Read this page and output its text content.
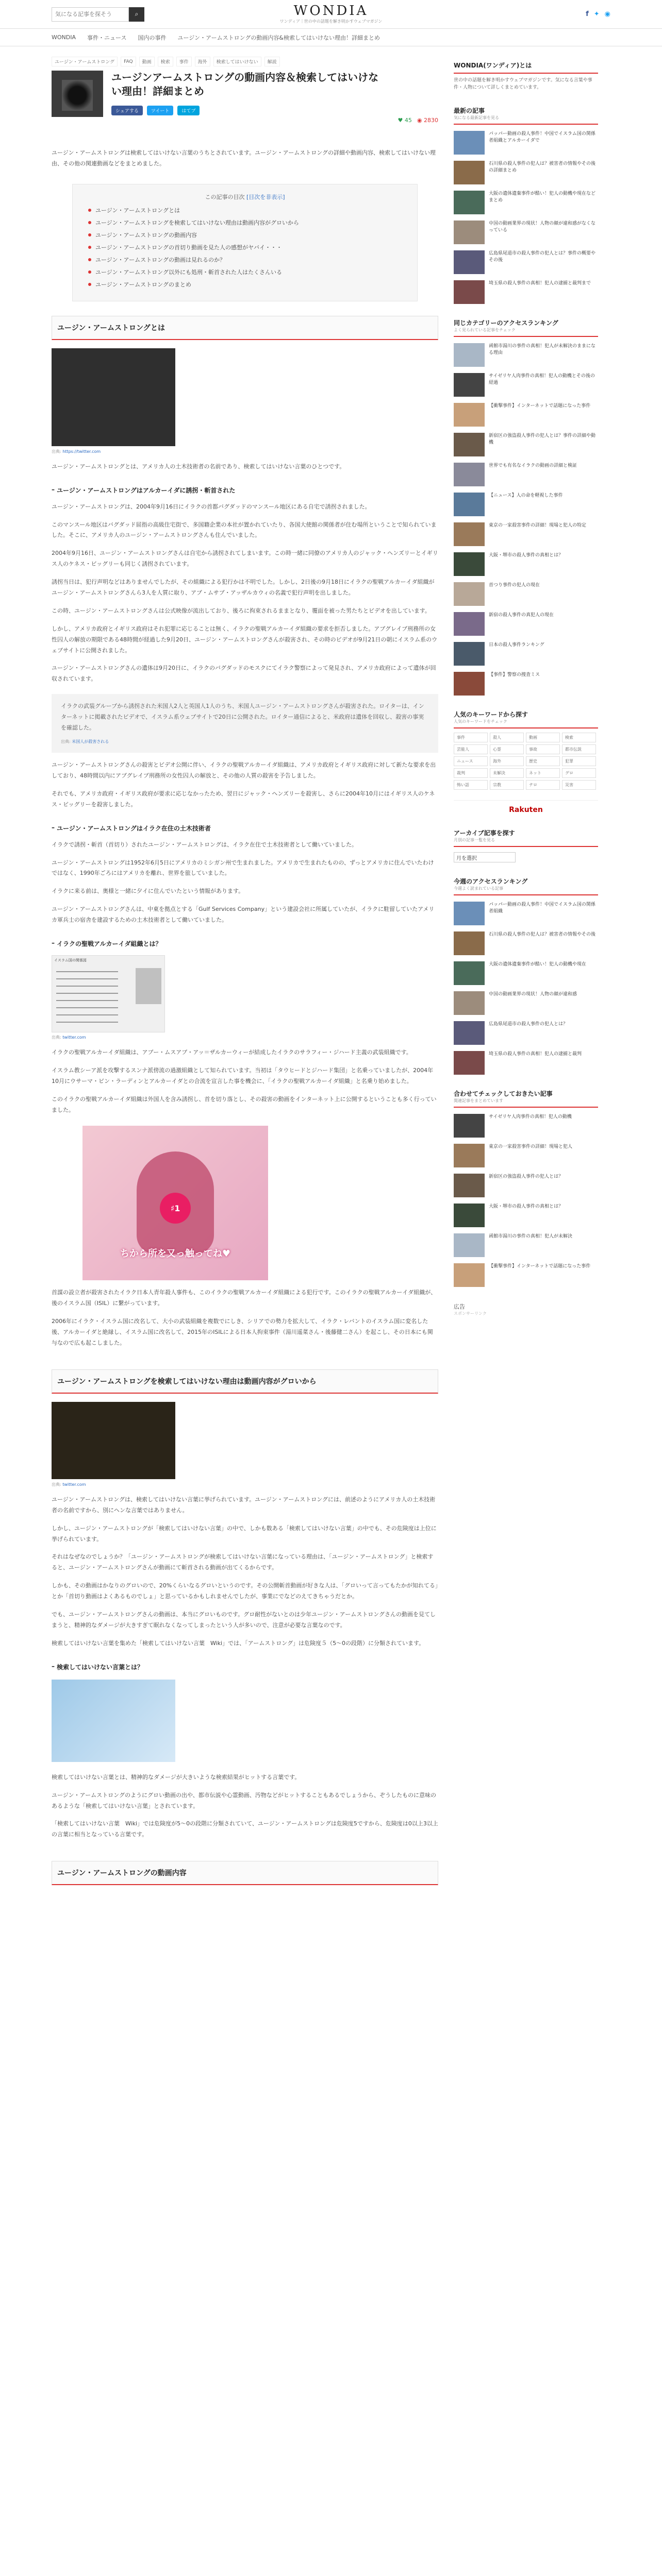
気になる記事を探そう
⌕	WONDIA
ワンディア｜世の中の話題を解き明かすウェブマガジン
f ✦ ◉
WONDIA 事件・ニュース 国内の事件 ユージン・アームストロングの動画内容&検索してはいけない理由！詳細まとめ
ユージン・アームストロング	FAQ	動画	検索	事件	海外	検索してはいけない	解説
ユージンアームストロングの動画内容＆検索してはいけない理由！詳細まとめ
シェアする	ツイート	はてブ
♥ 45 ◉ 2830
ユージン・アームストロングは検索してはいけない言葉のうちとされています。ユージン・アームストロングの詳細や動画内容、検索してはいけない理由、その他の関連動画などをまとめました。
この記事の目次 [目次を非表示]
ユージン・アームストロングとは
ユージン・アームストロングを検索してはいけない理由は動画内容がグロいから
ユージン・アームストロングの動画内容
ユージン・アームストロングの首切り動画を見た人の感想がヤバイ・・・
ユージン・アームストロングの動画は見れるのか？
ユージン・アームストロング以外にも処刑・斬首された人はたくさんいる
ユージン・アームストロングのまとめ
ユージン・アームストロングとは
出典: https://twitter.com

ユージン・アームストロングとは、アメリカ人の土木技術者の名前であり、検索してはいけない言葉のひとつです。

– ユージン・アームストロングはアルカーイダに誘拐・斬首された

ユージン・アームストロングは、2004年9月16日にイラクの首都バグダッドのマンスール地区にある自宅で誘拐されました。

このマンスール地区はバグダッド屈指の高級住宅街で、多国籍企業の本社が置かれていたり、各国大使館の関係者が住む場所ということで知られていました。そこに、アメリカ人のユージン・アームストロングさんも住んでいました。

2004年9月16日、ユージン・アームストロングさんは自宅から誘拐されてしまいます。この時一緒に同僚のアメリカ人のジャック・ヘンズリーとイギリス人のケネス・ビッグリーも同じく誘拐されています。

誘拐当日は、犯行声明などはありませんでしたが、その組織による犯行かは不明でした。しかし、2日後の9月18日にイラクの聖戦アルカーイダ組織がユージン・アームストロングさんら3人を人質に取り、アブ・ムサブ・アッザルカウィの名義で犯行声明を出しました。

この時、ユージン・アームストロングさんは公式映像が流出しており、後ろに拘束されるままとなり、覆面を被った男たちとビデオを出しています。

しかし、アメリカ政府とイギリス政府はそれ犯罪に応じることは無く、イラクの聖戦アルカーイダ組織の要求を拒否しました。アブグレイブ刑務所の女性囚人の解放の期限である48時間が経過した9月20日、ユージン・アームストロングさんが殺害され、その時のビデオが9月21日の朝にイスラム系のウェブサイトに公開されました。

ユージン・アームストロングさんの遺体は9月20日に、イラクのバグダッドのモスクにてイラク警察によって発見され、アメリカ政府によって遺体が回収されています。

イラクの武装グループから誘拐された米国人2人と英国人1人のうち、米国人ユージン・アームストロングさんが殺害された。ロイターは、インターネットに掲載されたビデオで、イスラム系ウェブサイトで20日に公開された。ロイター通信によると、米政府は遺体を回収し、殺害の事実を確認した。
出典: 米国人が殺害される

ユージン・アームストロングさんの殺害とビデオ公開に伴い、イラクの聖戦アルカーイダ組織は、アメリカ政府とイギリス政府に対して新たな要求を出しており、48時間以内にアブグレイブ刑務所の女性囚人の解放と、その他の人質の殺害を予告しました。

それでも、アメリカ政府・イギリス政府が要求に応じなかったため、翌日にジャック・ヘンズリーを殺害し、さらに2004年10月にはイギリス人のケネス・ビッグリーを殺害しました。

– ユージン・アームストロングはイラク在住の土木技術者

イラクで誘拐・斬首（首切り）されたユージン・アームストロングは、イラク在住で土木技術者として働いていました。

ユージン・アームストロングは1952年6月5日にアメリカのミシガン州で生まれました。アメリカで生まれたものの、ずっとアメリカに住んでいたわけではなく、1990年ごろにはアメリカを離れ、世界を旅していました。

イラクに来る前は、奥様と一緒に夕イに住んでいたという情報があります。

ユージン・アームストロングさんは、中東を拠点とする「Gulf Services Company」という建設会社に所属していたが、イラクに駐留していたアメリカ軍兵士の宿舎を建設するための土木技術者として働いていました。

– イラクの聖戦アルカーイダ組織とは？
イスラム国の関係図
出典: twitter.com

イラクの聖戦アルカーイダ組織は、アブー・ムスアブ・アッ＝ザルカーウィーが結成したイラクのサラフィー・ジハード主義の武装組織です。

イスラム教シーア派を攻撃するスンナ派傍流の過激組織として知られています。当初は「タウヒードとジハード集団」と名乗っていましたが、2004年10月にウサーマ・ビン・ラーディンとアルカーイダとの合流を宣言した事を機会に、「イラクの聖戦アルカーイダ組織」と名乗り始めました。

このイラクの聖戦アルカーイダ組織は外国人を含み誘拐し、首を切り落とし、その殺害の動画をインターネット上に公開するということも多く行っていました。

♯1
ちから所を又っ触ってね♥

首謀の設立者が殺害されたイラク日本人青年殺人事件も、このイラクの聖戦アルカーイダ組織による犯行です。このイラクの聖戦アルカーイダ組織が、後のイスラム国（ISIL）に繋がっています。

2006年にイラク・イスラム国に改名して、大小の武装組織を複数でにしき、シリアでの勢力を拡大して、イラク・レバントのイスラム国に変名した後、アルカーイダと絶縁し、イスラム国に改名して、2015年のISILによる日本人拘束事件（湯川遥菜さん・後藤健二さん）を起こし、その日本にも関与なので広も起こしました。

ユージン・アームストロングを検索してはいけない理由は動画内容がグロいから
出典: twitter.com

ユージン・アームストロングは、検索してはいけない言葉に挙げられています。ユージン・アームストロングには、前述のようにアメリカ人の土木技術者の名前ですから、別にヘンな言葉ではありません。

しかし、ユージン・アームストロングが「検索してはいけない言葉」の中で、しかも数ある「検索してはいけない言葉」の中でも、その危険度は上位に挙げられています。

それはなぜなのでしょうか？「ユージン・アームストロングが検索してはいけない言葉になっている理由は、「ユージン・アームストロング」と検索すると、ユージン・アームストロングさんが動画にて斬首される動画が出てくるからです。

しかも、その動画はかなりのグロいので、20%くらいなるグロいというのです。その公開斬首動画が好きな人は、「グロいって言ってもたかが知れてる」とか「首切り動画はよくあるものでしょ」と思っているかもしれませんでしたが、事業にでなどのえてきちゃうだとか。

でも、ユージン・アームストロングさんの動画は、本当にグロいものです。グロ耐性がないとのは少年ユージン・アームストロングさんの動画を見てしまうと、精神的なダメージが大きすぎて眠れなくなってしまったという人が多いので、注意が必要な言葉なのです。

検索してはいけない言葉を集めた「検索してはいけない言葉　Wiki」では、「アームストロング」は危険度５（5〜0の段階）に分類されています。

– 検索してはいけない言葉とは？

検索してはいけない言葉とは、精神的なダメージが大きいような検索結果がヒットする言葉です。

ユージン・アームストロングのようにグロい動画の出や、都市伝説や心霊動画、汚物などがヒットすることもあるでしょうから、ぞうしたものに意味のあるような「検索してはいけない言葉」とされています。

「検索してはいけない言葉　Wiki」では危険度が5〜0の段階に分類されていて、ユージン・アームストロングは危険度5ですから、危険度は0以上3以上の言葉に相当となっている言葉です。

ユージン・アームストロングの動画内容
WONDIA(ワンディア)とは
世の中の話題を解き明かすウェブマガジンです。気になる言葉や事件・人物について詳しくまとめています。
最新の記事
気になる最新記事を見る
パッパー動画の殺人事件！中国でイスラム国の関係者組織とアルカーイダで
石川県の殺人事件の犯人は？被害者の情報やその後の詳細まとめ
大阪の遺体遺棄事件が酷い！犯人の動機や現在などまとめ
中国の動画業界の現状！人物の顔が違和感がなくなっている
広島県尾道市の殺人事件の犯人とは？事件の概要やその後
埼玉県の殺人事件の真相！犯人の逮捕と裁判まで
同じカテゴリーのアクセスランキング
よく見られている記事をチェック
函館市湯川の事件の真相！犯人が未解決のままになる理由
サイゼリヤ人肉事件の真相！犯人の動機とその後の経過
【衝撃事件】インターネットで話題になった事件
新宿区の強盗殺人事件の犯人とは？事件の詳細や動機
世界でも有名なイラクの動画の詳細と検証
【ニュース】人の命を軽視した事件
東京の一家殺害事件の詳細！現場と犯人の特定
大阪・堺市の殺人事件の真相とは？
首つり事件の犯人の現在
新宿の殺人事件の真犯人の現在
日本の殺人事件ランキング
【事件】警察の捜査ミス
人気のキーワードから探す
人気のキーワードをチェック
事件	殺人	動画	検索
芸能人	心霊	事故	都市伝説
ニュース	海外	歴史	犯罪
裁判	未解決	ネット	グロ
怖い話	宗教	テロ	災害
Rakuten
アーカイブ記事を探す
月別の記事一覧を見る
月を選択
今週のアクセスランキング
今週よく読まれている記事
パッパー動画の殺人事件！中国でイスラム国の関係者組織
石川県の殺人事件の犯人は？被害者の情報やその後
大阪の遺体遺棄事件が酷い！犯人の動機や現在
中国の動画業界の現状！人物の顔が違和感
広島県尾道市の殺人事件の犯人とは？
埼玉県の殺人事件の真相！犯人の逮捕と裁判
合わせてチェックしておきたい記事
関連記事をまとめています
サイゼリヤ人肉事件の真相！犯人の動機
東京の一家殺害事件の詳細！現場と犯人
新宿区の強盗殺人事件の犯人とは？
大阪・堺市の殺人事件の真相とは？
函館市湯川の事件の真相！犯人が未解決
【衝撃事件】インターネットで話題になった事件
広告
スポンサーリンク
